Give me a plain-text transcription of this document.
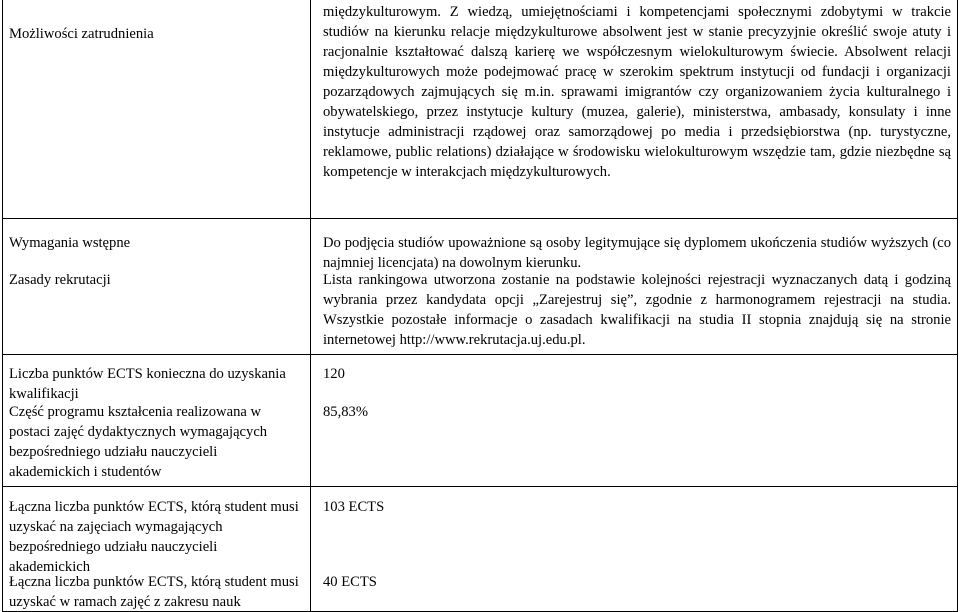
Możliwości zatrudnienia

międzykulturowym. Z wiedzą, umiejętnościami i kompetencjami społecznymi zdobytymi w trakcie studiów na kierunku relacje międzykulturowe absolwent jest w stanie precyzyjnie określić swoje atuty i racjonalnie kształtować dalszą karierę we współczesnym wielokulturowym świecie. Absolwent relacji międzykulturowych może podejmować pracę w szerokim spektrum instytucji od fundacji i organizacji pozarządowych zajmujących się m.in. sprawami imigrantów czy organizowaniem życia kulturalnego i obywatelskiego, przez instytucje kultury (muzea, galerie), ministerstwa, ambasady, konsulaty i inne instytucje administracji rządowej oraz samorządowej po media i przedsiębiorstwa (np. turystyczne, reklamowe, public relations) działające w środowisku wielokulturowym wszędzie tam, gdzie niezbędne są kompetencje w interakcjach międzykulturowych.

Wymagania wstępne	Do podjęcia studiów upoważnione są osoby legitymujące się dyplomem ukończenia studiów wyższych (co najmniej licencjata) na dowolnym kierunku.

Zasady rekrutacji	Lista rankingowa utworzona zostanie na podstawie kolejności rejestracji wyznaczanych datą i godziną wybrania przez kandydata opcji „Zarejestruj się”, zgodnie z harmonogramem rejestracji na studia. Wszystkie pozostałe informacje o zasadach kwalifikacji na studia II stopnia znajdują się na stronie internetowej http://www.rekrutacja.uj.edu.pl.

Liczba punktów ECTS konieczna do uzyskania kwalifikacji
120
Część programu kształcenia realizowana w postaci zajęć dydaktycznych wymagających bezpośredniego udziału nauczycieli akademickich i studentów
85,83%
Łączna liczba punktów ECTS, którą student musi uzyskać na zajęciach wymagających bezpośredniego udziału nauczycieli akademickich
103 ECTS
Łączna liczba punktów ECTS, którą student musi uzyskać w ramach zajęć z zakresu nauk
40 ECTS
